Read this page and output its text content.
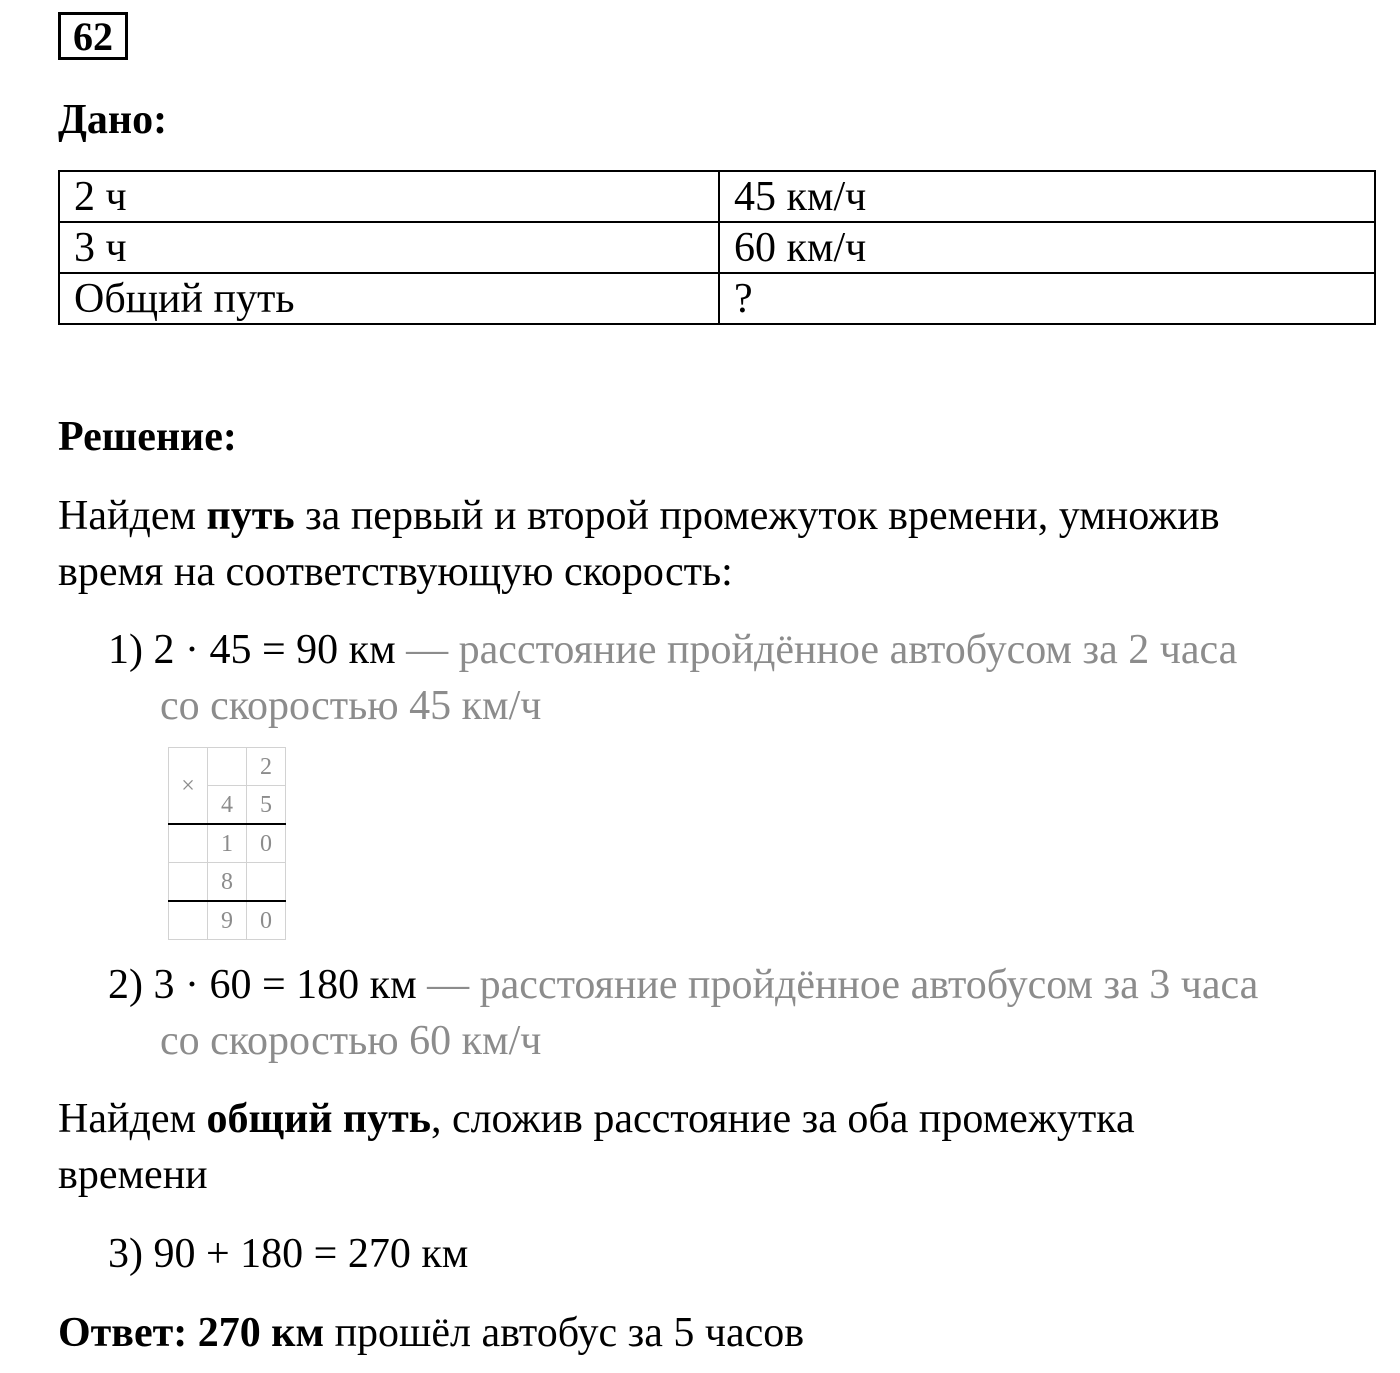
62
Дано:
2 ч	45 км/ч
3 ч	60 км/ч
Общий путь	?
Решение:
Найдем путь за первый и второй промежуток времени, умножив
время на соответствующую скорость:
1) 2 · 45 = 90 км — расстояние пройдённое автобусом за 2 часа
со скоростью 45 км/ч
×		2
	4	5
	1	0
	8	
	9	0
2) 3 · 60 = 180 км — расстояние пройдённое автобусом за 3 часа
со скоростью 60 км/ч
Найдем общий путь, сложив расстояние за оба промежутка
времени
3) 90 + 180 = 270 км
Ответ: 270 км прошёл автобус за 5 часов
